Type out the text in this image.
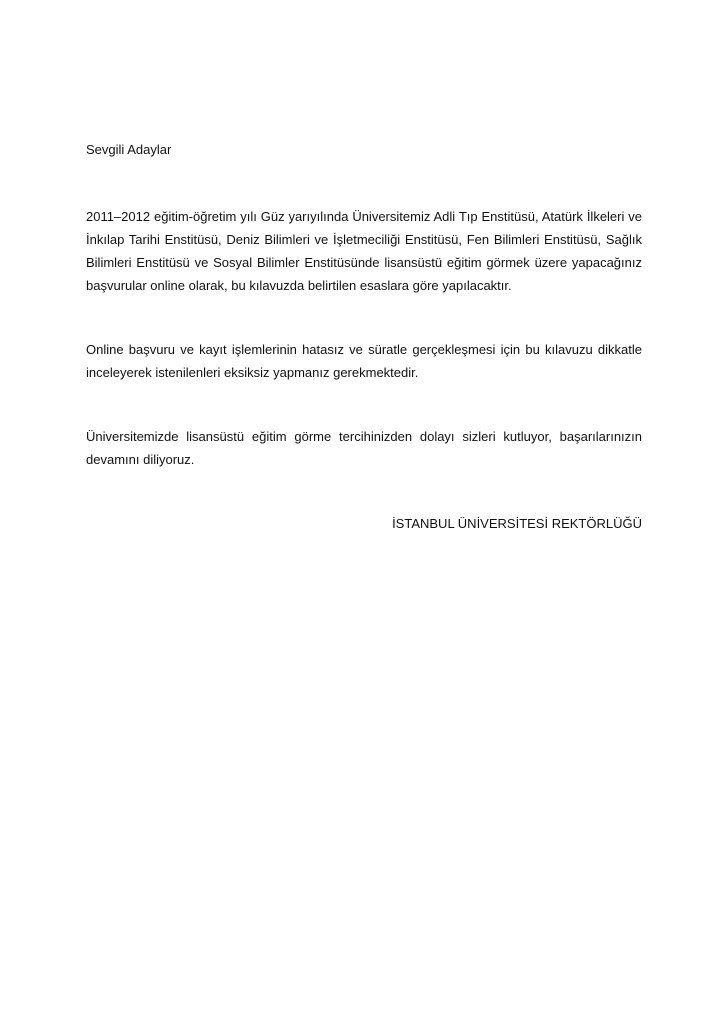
Sevgili Adaylar

2011–2012 eğitim-öğretim yılı Güz yarıyılında Üniversitemiz Adli Tıp Enstitüsü, Atatürk İlkeleri ve İnkılap Tarihi Enstitüsü, Deniz Bilimleri ve İşletmeciliği Enstitüsü, Fen Bilimleri Enstitüsü, Sağlık Bilimleri Enstitüsü ve Sosyal Bilimler Enstitüsünde lisansüstü eğitim görmek üzere yapacağınız başvurular online olarak, bu kılavuzda belirtilen esaslara göre yapılacaktır.

Online başvuru ve kayıt işlemlerinin hatasız ve süratle gerçekleşmesi için bu kılavuzu dikkatle inceleyerek istenilenleri eksiksiz yapmanız gerekmektedir.

Üniversitemizde lisansüstü eğitim görme tercihinizden dolayı sizleri kutluyor, başarılarınızın devamını diliyoruz.

İSTANBUL ÜNİVERSİTESİ REKTÖRLÜĞÜ
